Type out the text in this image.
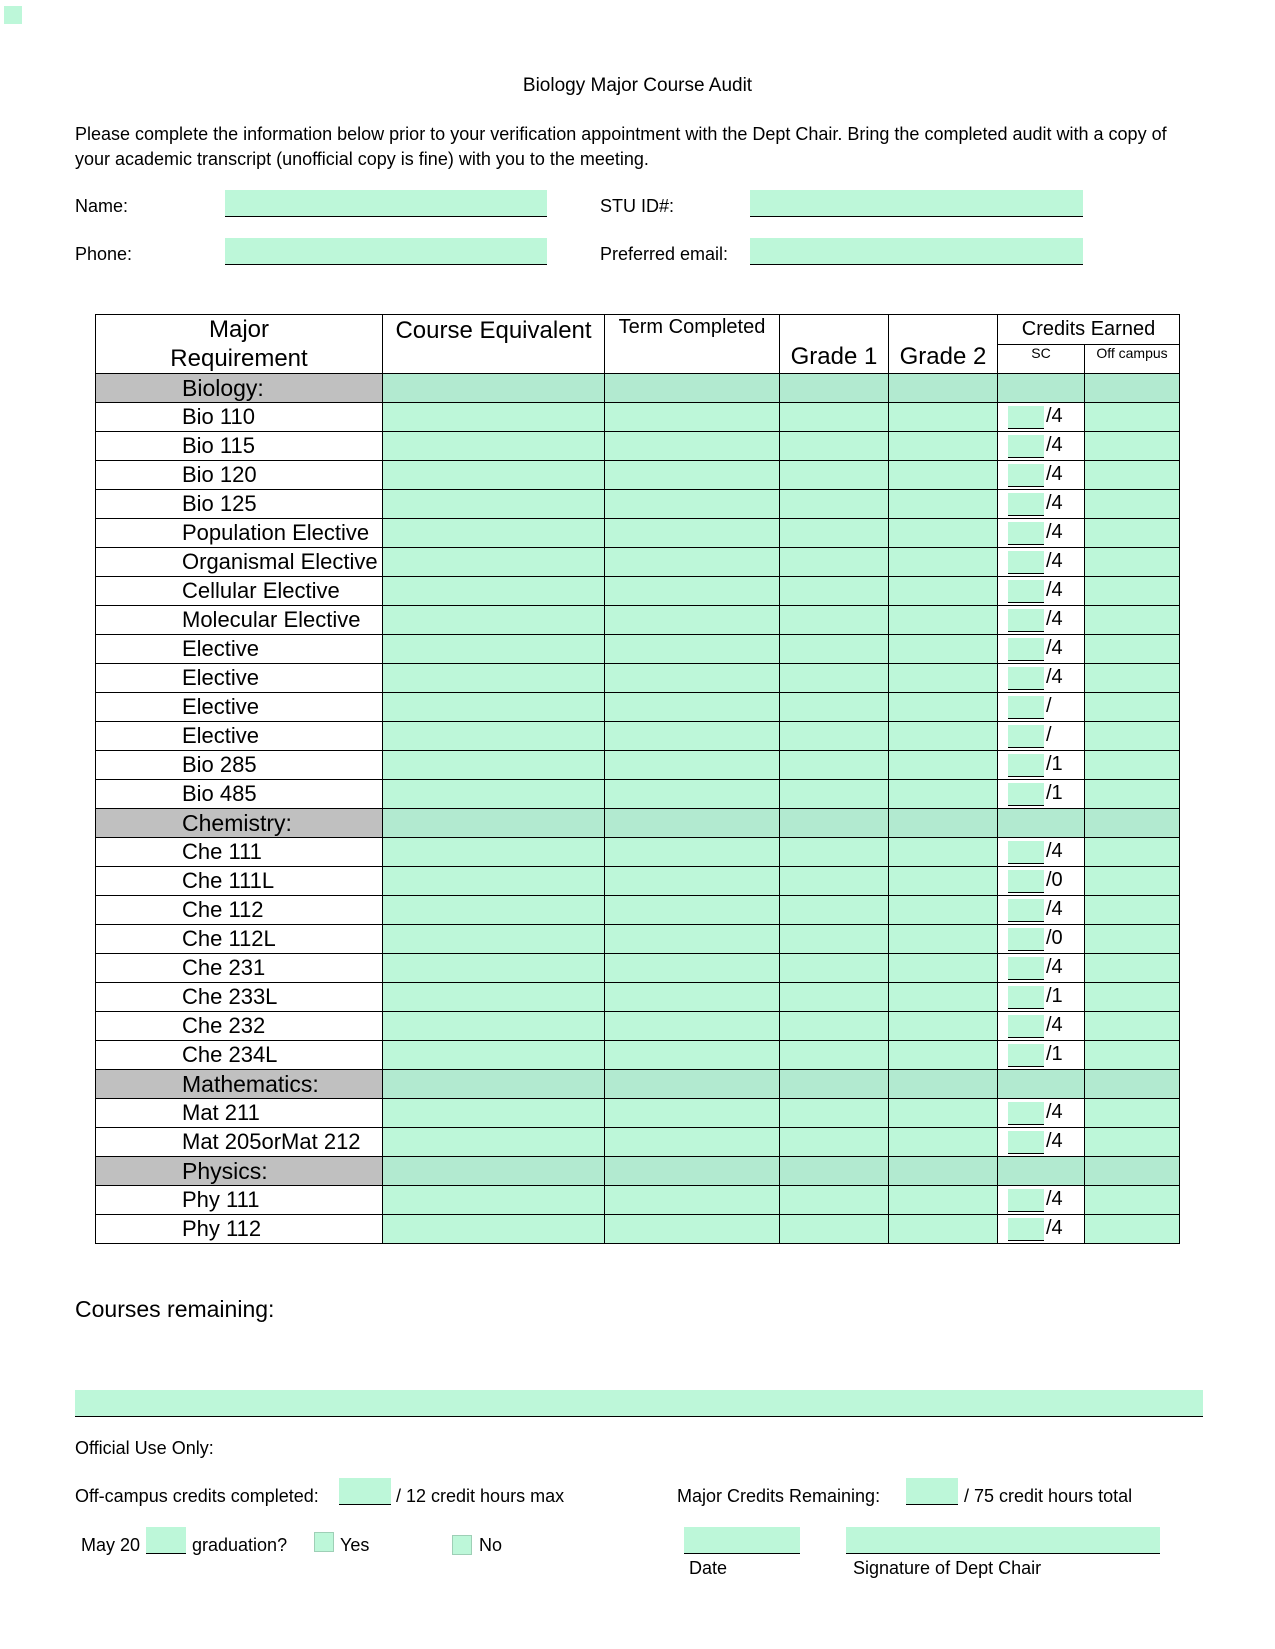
Biology Major Course Audit
Please complete the information below prior to your verification appointment with the Dept Chair. Bring the completed audit with a copy of your academic transcript (unofficial copy is fine) with you to the meeting.
Name:	STU ID#:
Phone:	Preferred email:
Major
Requirement	Course Equivalent	Term Completed	Grade 1	Grade 2	Credits Earned	
					SC	Off campus
Biology:						
Bio 110					/4	

Bio 115					/4	

Bio 120					/4	

Bio 125					/4	

Population Elective					/4	

Organismal Elective					/4	

Cellular Elective					/4	

Molecular Elective					/4	

Elective					/4	

Elective					/4	

Elective					/	

Elective					/	

Bio 285					/1	

Bio 485					/1	

Chemistry:						
Che 111					/4	

Che 111L					/0	

Che 112					/4	

Che 112L					/0	

Che 231					/4	

Che 233L					/1	

Che 232					/4	

Che 234L					/1	

Mathematics:						
Mat 211					/4	

Mat 205orMat 212					/4	

Physics:						
Phy 111					/4	

Phy 112					/4	

Courses remaining:
Official Use Only:
Off-campus credits completed:	/ 12 credit hours max	Major Credits Remaining:	/ 75 credit hours total
May 20	graduation?	Yes	No
Date	Signature of Dept Chair
